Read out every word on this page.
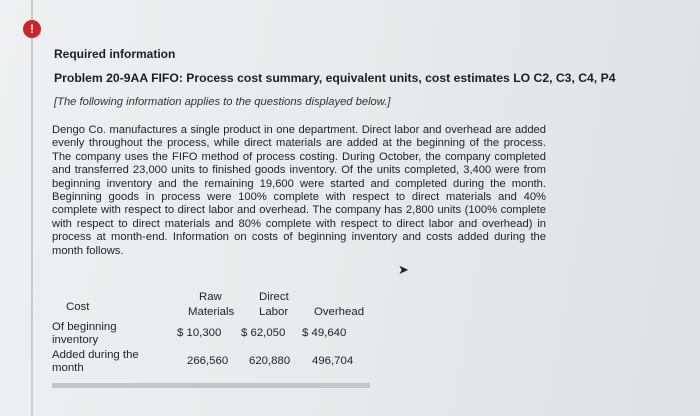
!
Required information
Problem 20-9AA FIFO: Process cost summary, equivalent units, cost estimates LO C2, C3, C4, P4
[The following information applies to the questions displayed below.]
Dengo Co. manufactures a single product in one department. Direct labor and overhead are added evenly throughout the process, while direct materials are added at the beginning of the process. The company uses the FIFO method of process costing. During October, the company completed and transferred 23,000 units to finished goods inventory. Of the units completed, 3,400 were from beginning inventory and the remaining 19,600 were started and completed during the month. Beginning goods in process were 100% complete with respect to direct materials and 40% complete with respect to direct labor and overhead. The company has 2,800 units (100% complete with respect to direct materials and 80% complete with respect to direct labor and overhead) in process at month-end. Information on costs of beginning inventory and costs added during the month follows.
➤
Cost
Raw
Materials
Direct
Labor Overhead
Of beginning inventory
$ 10,300 $ 62,050 $ 49,640
Added during the month
266,560 620,880 496,704
